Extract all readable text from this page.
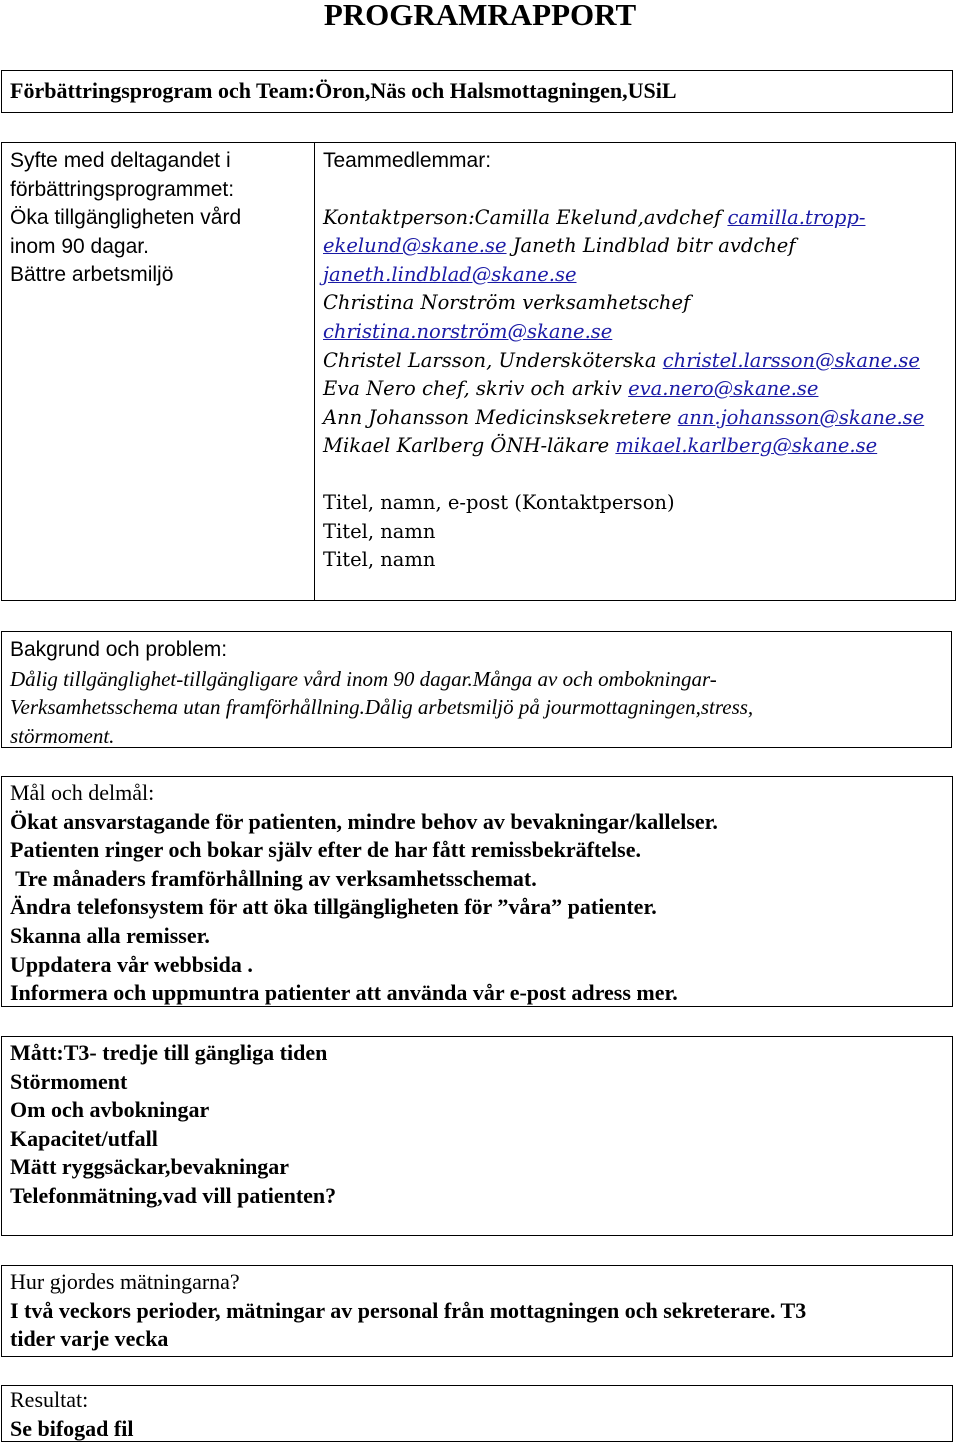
PROGRAMRAPPORT
Förbättringsprogram och Team:Öron,Näs och Halsmottagningen,USiL
Syfte med deltagandet i
förbättringsprogrammet:
Öka tillgängligheten vård
inom 90 dagar.
Bättre arbetsmiljö
Teammedlemmar:
Kontaktperson:Camilla Ekelund,avdchef camilla.tropp-
ekelund@skane.se Janeth Lindblad bitr avdchef
janeth.lindblad@skane.se
Christina Norström verksamhetschef
christina.norström@skane.se
Christel Larsson, Undersköterska christel.larsson@skane.se
Eva Nero chef, skriv och arkiv eva.nero@skane.se
Ann Johansson Medicinsksekretere ann.johansson@skane.se
Mikael Karlberg ÖNH-läkare mikael.karlberg@skane.se
Titel, namn, e-post (Kontaktperson)
Titel, namn
Titel, namn
Bakgrund och problem:
Dålig tillgänglighet-tillgängligare vård inom 90 dagar.Många av och ombokningar-
Verksamhetsschema utan framförhållning.Dålig arbetsmiljö på jourmottagningen,stress,
störmoment.
Mål och delmål:
Ökat ansvarstagande för patienten, mindre behov av bevakningar/kallelser.
Patienten ringer och bokar själv efter de har fått remissbekräftelse.
Tre månaders framförhållning av verksamhetsschemat.
Ändra telefonsystem för att öka tillgängligheten för ”våra” patienter.
Skanna alla remisser.
Uppdatera vår webbsida .
Informera och uppmuntra patienter att använda vår e-post adress mer.
Mått:T3- tredje till gängliga tiden
Störmoment
Om och avbokningar
Kapacitet/utfall
Mätt ryggsäckar,bevakningar
Telefonmätning,vad vill patienten?
Hur gjordes mätningarna?
I två veckors perioder, mätningar av personal från mottagningen och sekreterare. T3
tider varje vecka
Resultat:
Se bifogad fil
